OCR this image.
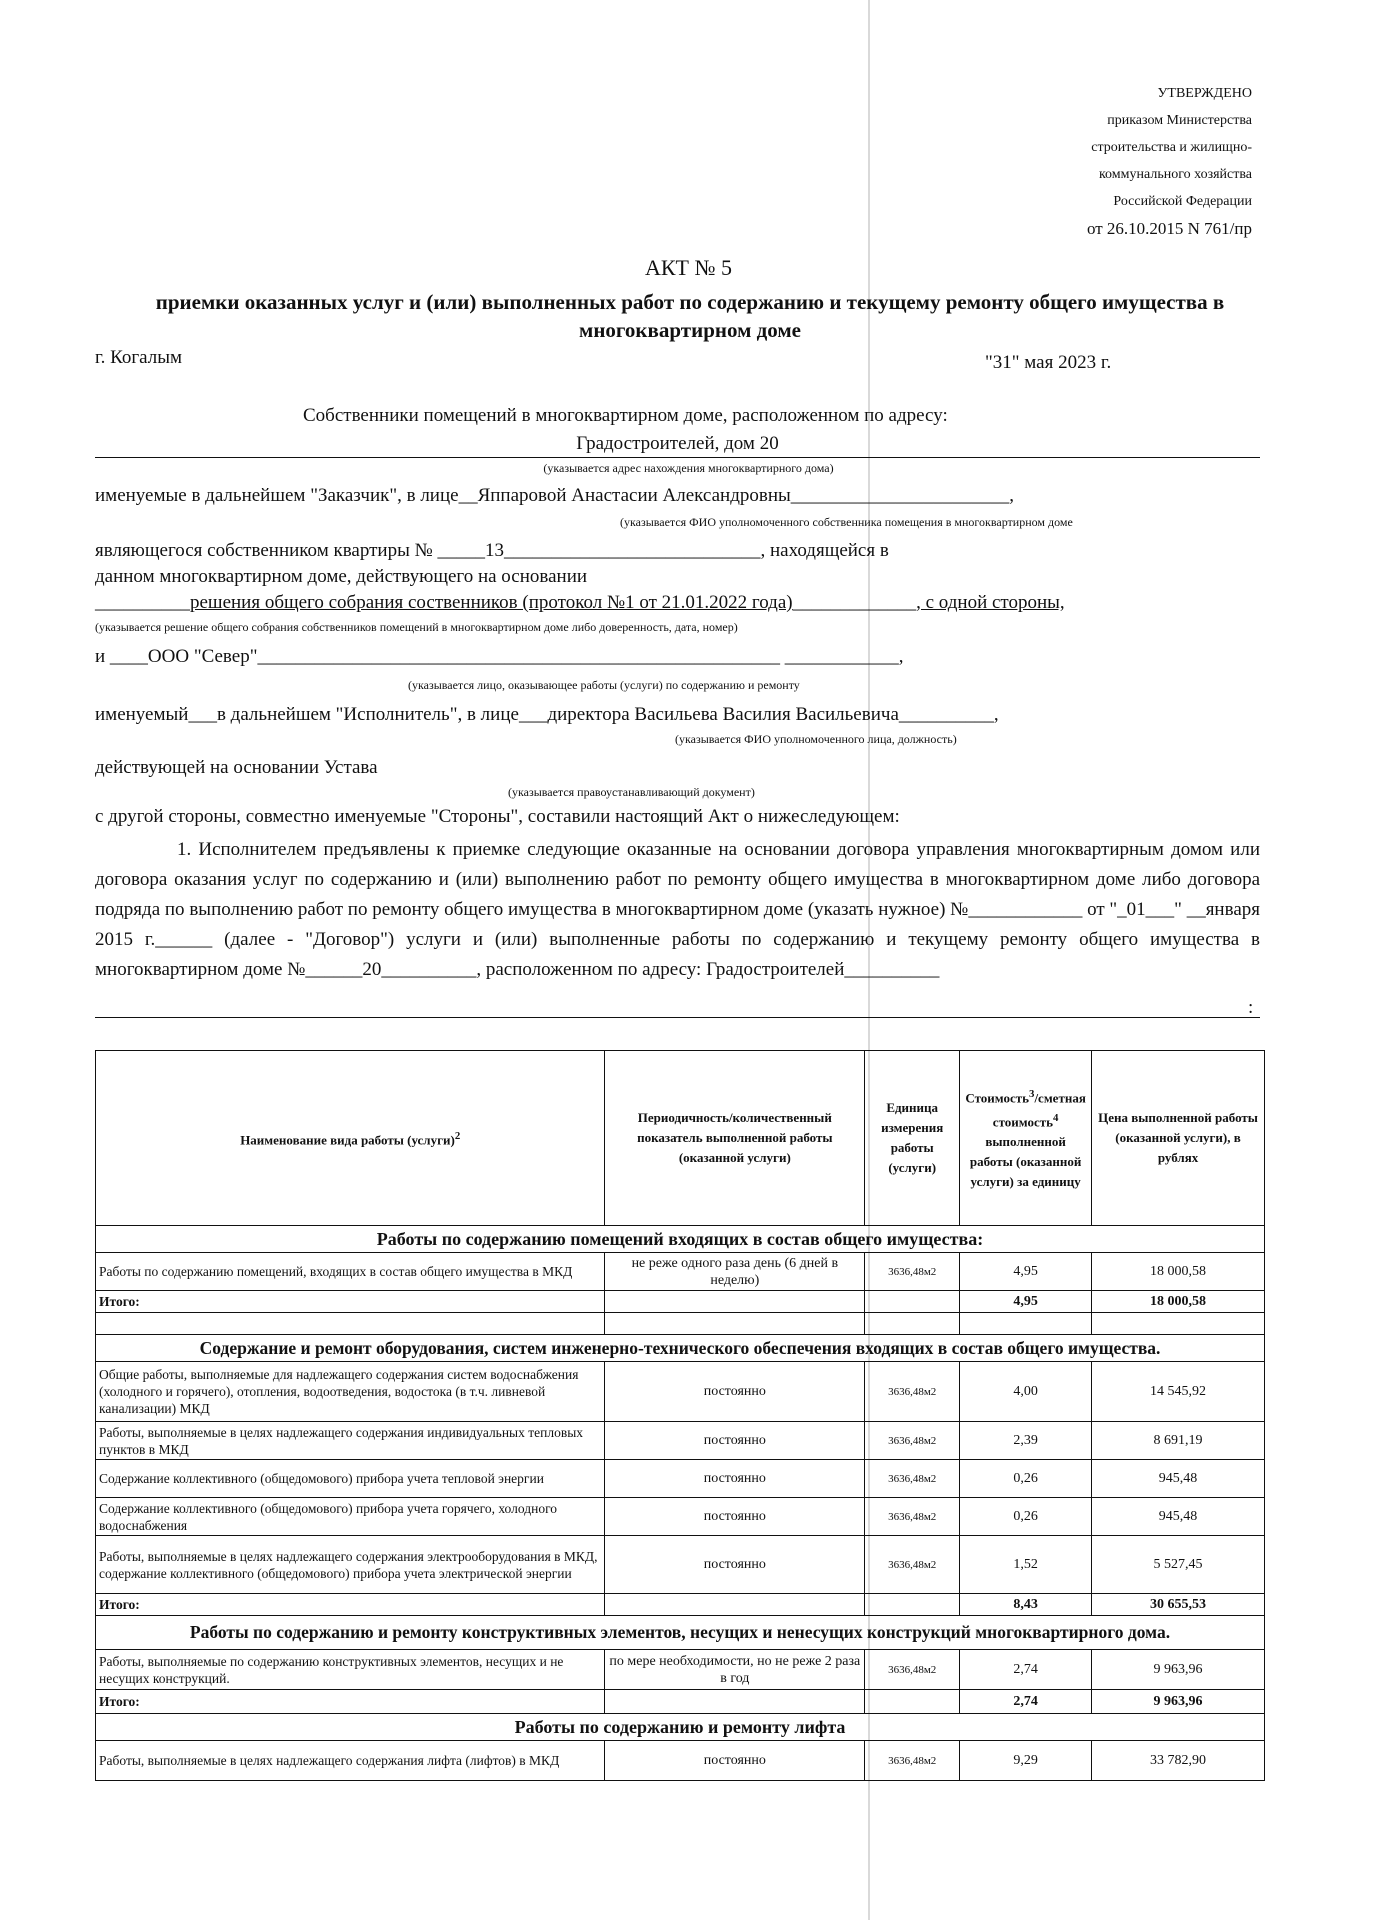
УТВЕРЖДЕНО
приказом Министерства
строительства и жилищно-
коммунального хозяйства
Российской Федерации
от 26.10.2015 N 761/пр
АКТ № 5
приемки оказанных услуг и (или) выполненных работ по содержанию и текущему ремонту общего имущества в многоквартирном доме
г. Когалым	"31" мая 2023 г.
Собственники помещений в многоквартирном доме, расположенном по адресу:
Градостроителей, дом 20
(указывается адрес нахождения многоквартирного дома)
именуемые в дальнейшем "Заказчик", в лице__Яппаровой Анастасии Александровны_______________________,
(указывается ФИО уполномоченного собственника помещения в многоквартирном доме
являющегося собственником квартиры № _____13___________________________, находящейся в
данном многоквартирном доме, действующего на основании
__________решения общего собрания соственников (протокол №1 от 21.01.2022 года)_____________, с одной стороны,
(указывается решение общего собрания собственников помещений в многоквартирном доме либо доверенность, дата, номер)
и ____ООО "Север"_______________________________________________________ ____________,
(указывается лицо, оказывающее работы (услуги) по содержанию и ремонту
именуемый___в дальнейшем "Исполнитель", в лице___директора Васильева Василия Васильевича__________,
(указывается ФИО уполномоченного лица, должность)
действующей на основании Устава
(указывается правоустанавливающий документ)
с другой стороны, совместно именуемые "Стороны", составили настоящий Акт о нижеследующем:
1. Исполнителем предъявлены к приемке следующие оказанные на основании договора управления многоквартирным домом или договора оказания услуг по содержанию и (или) выполнению работ по ремонту общего имущества в многоквартирном доме либо договора подряда по выполнению работ по ремонту общего имущества в многоквартирном доме (указать нужное) №____________ от "_01___" __января 2015 г.______ (далее - "Договор") услуги и (или) выполненные работы по содержанию и текущему ремонту общего имущества в многоквартирном доме №______20__________, расположенном по адресу: Градостроителей__________
:
Наименование вида работы (услуги)$^2$	Периодичность/количественный показатель выполненной работы (оказанной услуги)	Единица измерения работы (услуги)	Стоимость$^3$/сметная стоимость$^4$ выполненной работы (оказанной услуги) за единицу	Цена выполненной работы (оказанной услуги), в рублях
Работы по содержанию помещений входящих в состав общего имущества:				
Работы по содержанию помещений, входящих в состав общего имущества в МКД	не реже одного раза день (6 дней в неделю)	3636,48м2	4,95	18 000,58
Итого:			4,95	18 000,58

Содержание и ремонт оборудования, систем инженерно-технического обеспечения входящих в состав общего имущества.				
Общие работы, выполняемые для надлежащего содержания систем водоснабжения (холодного и горячего), отопления, водоотведения, водостока (в т.ч. ливневой канализации) МКД	постоянно	3636,48м2	4,00	14 545,92
Работы, выполняемые в целях надлежащего содержания индивидуальных тепловых пунктов в МКД	постоянно	3636,48м2	2,39	8 691,19
Содержание коллективного (общедомового) прибора учета тепловой энергии	постоянно	3636,48м2	0,26	945,48
Содержание коллективного (общедомового) прибора учета горячего, холодного водоснабжения	постоянно	3636,48м2	0,26	945,48
Работы, выполняемые в целях надлежащего содержания электрооборудования в МКД, содержание коллективного (общедомового) прибора учета электрической энергии	постоянно	3636,48м2	1,52	5 527,45
Итого:			8,43	30 655,53
Работы по содержанию и ремонту конструктивных элементов, несущих и ненесущих конструкций многоквартирного дома.				
Работы, выполняемые по содержанию конструктивных элементов, несущих и не несущих конструкций.	по мере необходимости, но не реже 2 раза в год	3636,48м2	2,74	9 963,96
Итого:			2,74	9 963,96
Работы по содержанию и ремонту лифта				
Работы, выполняемые в целях надлежащего содержания лифта (лифтов) в МКД	постоянно	3636,48м2	9,29	33 782,90
